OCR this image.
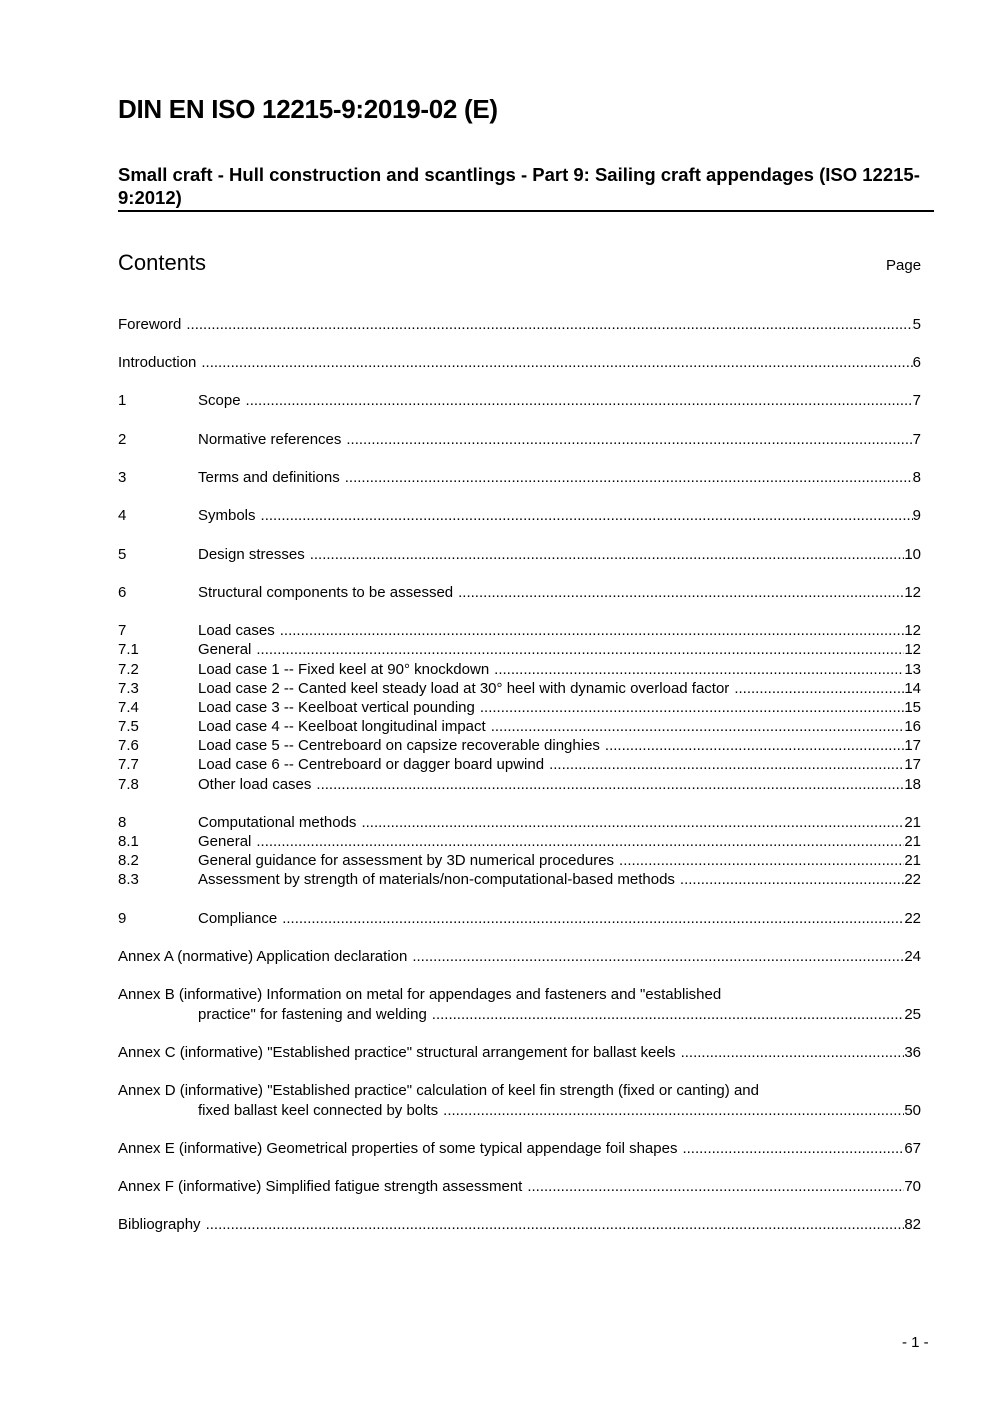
DIN EN ISO 12215-9:2019-02 (E)
Small craft - Hull construction and scantlings - Part 9: Sailing craft appendages (ISO 12215-9:2012)
Contents	Page
Foreword .....	5
Introduction .....	6
1	Scope .....	7
2	Normative references .....	7
3	Terms and definitions .....	8
4	Symbols .....	9
5	Design stresses .....	10
6	Structural components to be assessed .....	12
7	Load cases .....	12
7.1	General .....	12
7.2	Load case 1 -- Fixed keel at 90° knockdown .....	13
7.3	Load case 2 -- Canted keel steady load at 30° heel with dynamic overload factor .....	14
7.4	Load case 3 -- Keelboat vertical pounding .....	15
7.5	Load case 4 -- Keelboat longitudinal impact .....	16
7.6	Load case 5 -- Centreboard on capsize recoverable dinghies .....	17
7.7	Load case 6 -- Centreboard or dagger board upwind .....	17
7.8	Other load cases .....	18
8	Computational methods .....	21
8.1	General .....	21
8.2	General guidance for assessment by 3D numerical procedures .....	21
8.3	Assessment by strength of materials/non-computational-based methods .....	22
9	Compliance .....	22
Annex A (normative) Application declaration .....	24
Annex B (informative) Information on metal for appendages and fasteners and "established
practice" for fastening and welding .....	25
Annex C (informative) "Established practice" structural arrangement for ballast keels .....	36
Annex D (informative) "Established practice" calculation of keel fin strength (fixed or canting) and
fixed ballast keel connected by bolts .....	50
Annex E (informative) Geometrical properties of some typical appendage foil shapes .....	67
Annex F (informative) Simplified fatigue strength assessment .....	70
Bibliography .....	82
- 1 -
